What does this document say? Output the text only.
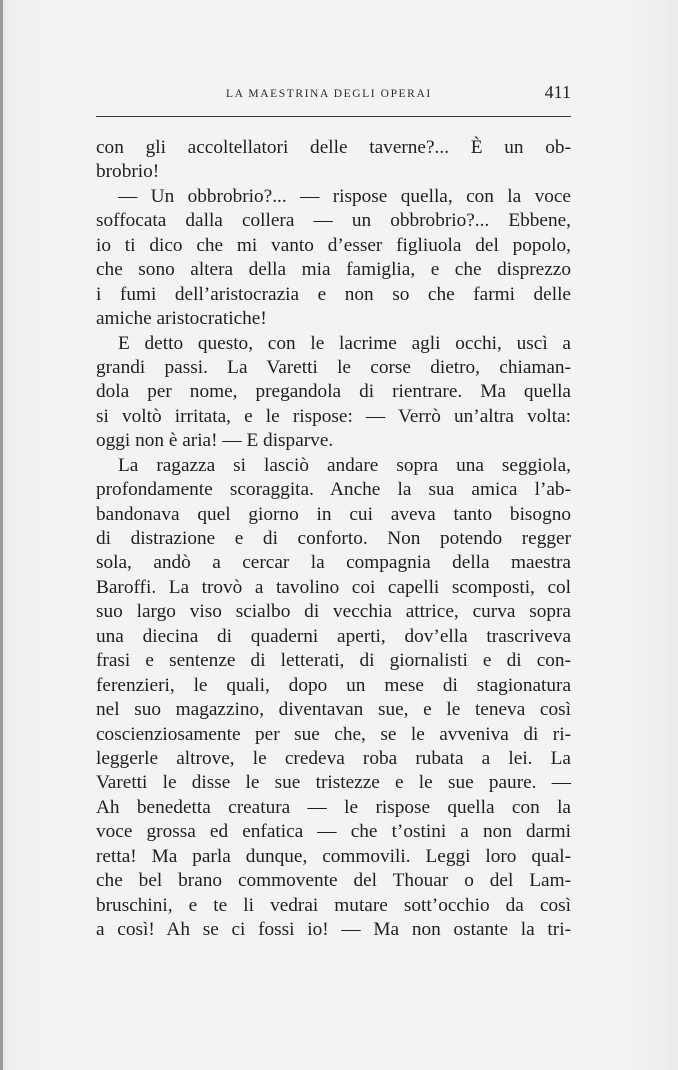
LA MAESTRINA DEGLI OPERAI	411
con gli accoltellatori delle taverne?... È un ob-
brobrio!
— Un obbrobrio?... — rispose quella, con la voce
soffocata dalla collera — un obbrobrio?... Ebbene,
io ti dico che mi vanto d’esser figliuola del popolo,
che sono altera della mia famiglia, e che disprezzo
i fumi dell’aristocrazia e non so che farmi delle
amiche aristocratiche!
E detto questo, con le lacrime agli occhi, uscì a
grandi passi. La Varetti le corse dietro, chiaman-
dola per nome, pregandola di rientrare. Ma quella
si voltò irritata, e le rispose: — Verrò un’altra volta:
oggi non è aria! — E disparve.
La ragazza si lasciò andare sopra una seggiola,
profondamente scoraggita. Anche la sua amica l’ab-
bandonava quel giorno in cui aveva tanto bisogno
di distrazione e di conforto. Non potendo regger
sola, andò a cercar la compagnia della maestra
Baroffi. La trovò a tavolino coi capelli scomposti, col
suo largo viso scialbo di vecchia attrice, curva sopra
una diecina di quaderni aperti, dov’ella trascriveva
frasi e sentenze di letterati, di giornalisti e di con-
ferenzieri, le quali, dopo un mese di stagionatura
nel suo magazzino, diventavan sue, e le teneva così
coscienziosamente per sue che, se le avveniva di ri-
leggerle altrove, le credeva roba rubata a lei. La
Varetti le disse le sue tristezze e le sue paure. —
Ah benedetta creatura — le rispose quella con la
voce grossa ed enfatica — che t’ostini a non darmi
retta! Ma parla dunque, commovili. Leggi loro qual-
che bel brano commovente del Thouar o del Lam-
bruschini, e te li vedrai mutare sott’occhio da così
a così! Ah se ci fossi io! — Ma non ostante la tri-
